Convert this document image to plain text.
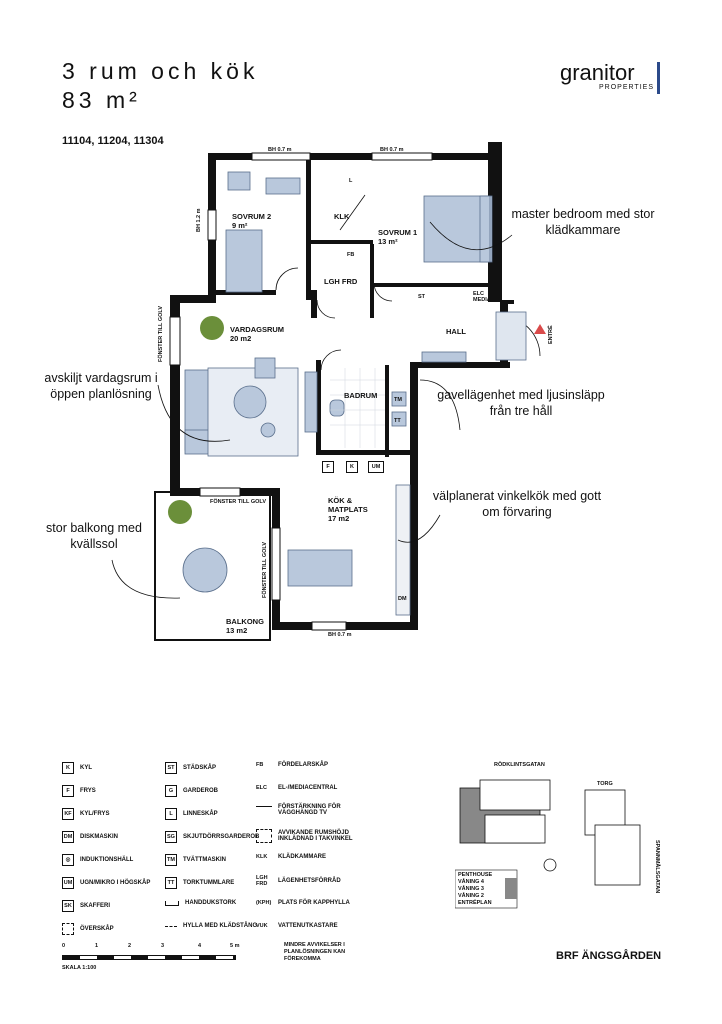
3 rum och kök
83 m²
11104, 11204, 11304
granitor
PROPERTIES
SOVRUM 2
9 m²
SOVRUM 1
13 m²
KLK
LGH FRD
VARDAGSRUM
20 m2
HALL
BADRUM
KÖK &
MATPLATS
17 m2
BALKONG
13 m2
BH 0.7 m	BH 0.7 m
BH 1.2 m
BH 0.7 m
FÖNSTER TILL GOLV
FÖNSTER TILL GOLV
FÖNSTER TILL GOLV
ENTRÉ
ST	ELC MEDIA
L
FB
TM
TT
F	K	UM
DM
master bedroom med stor klädkammare
avskiljt vardagsrum i öppen planlösning	gavellägenhet med ljusinsläpp från tre håll
välplanerat vinkelkök med gott om förvaring
stor balkong med kvällssol
K	KYL
F	FRYS
KF	KYL/FRYS
DM DISKMASKIN
◎	INDUKTIONSHÄLL
UM UGN/MIKRO I HÖGSKÅP
SK	SKAFFERI
ÖVERSKÅP
ST	STÄDSKÅP
G	GARDEROB
L	LINNESKÅP
SG	SKJUTDÖRRSGARDEROB
TM	TVÄTTMASKIN
TT	TORKTUMMLARE
HANDDUKSTORK
HYLLA MED KLÄDSTÅNG
FB	FÖRDELARSKÅP
ELC	EL-/MEDIACENTRAL
FÖRSTÄRKNING FÖR VÄGGHÄNGD TV
AVVIKANDE RUMSHÖJD INKLÄDNAD I TAKVINKEL
KLK	KLÄDKAMMARE
LGH FRD	LÄGENHETSFÖRRÅD
(KPH) PLATS FÖR KAPPHYLLA
VUK	VATTENUTKASTARE
MINDRE AVVIKELSER I PLANLÖSNINGEN KAN FÖREKOMMA
0	1	2	3	4	5 m
SKALA 1:100
RÖDKLINTSGATAN
TORG
SPANNMÅLSGATAN
PENTHOUSE
VÅNING 4
VÅNING 3
VÅNING 2
ENTRÉPLAN
BRF ÄNGSGÅRDEN
